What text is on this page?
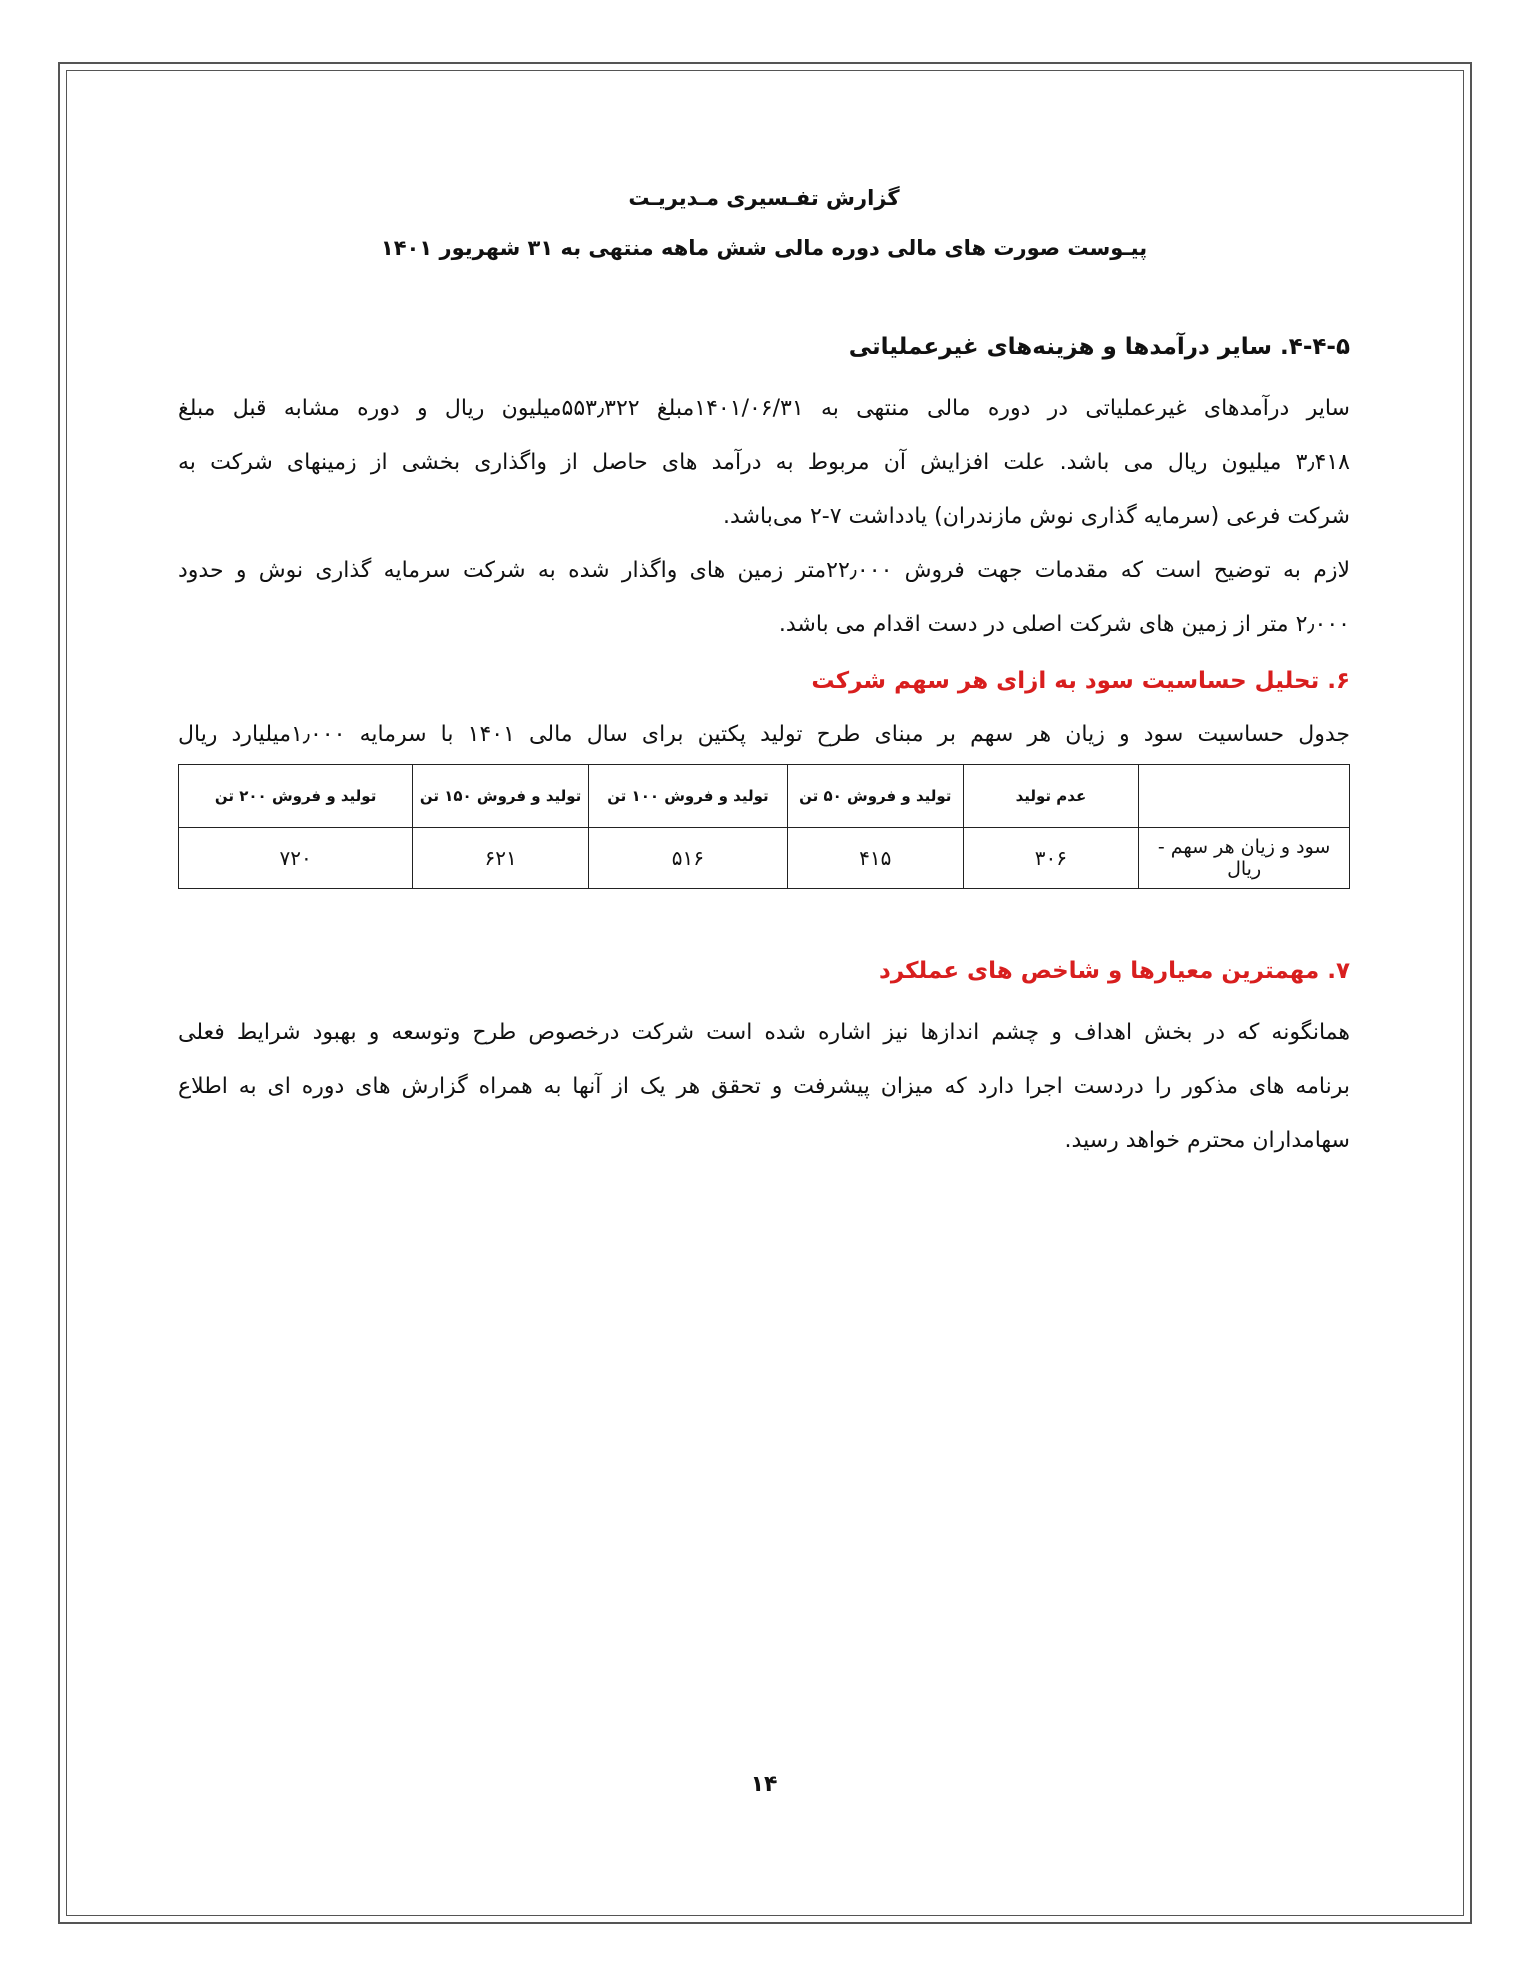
گزارش تفـسیری مـدیریـت
پیـوست صورت های مالی دوره مالی شش ماهه منتهی به ۳۱ شهریور ۱۴۰۱
۴-۴-۵. سایر درآمدها و هزینه‌های غیرعملیاتی
سایر درآمدهای غیرعملیاتی در دوره مالی منتهی به ۱۴۰۱/۰۶/۳۱مبلغ ۵۵۳٫۳۲۲میلیون ریال و دوره مشابه قبل مبلغ
۳٫۴۱۸ میلیون ریال می باشد. علت افزایش آن مربوط به درآمد های حاصل از واگذاری بخشی از زمینهای شرکت به
شرکت فرعی (سرمایه گذاری نوش مازندران) یادداشت ۷-۲ می‌باشد.
لازم به توضیح است که مقدمات جهت فروش ۲۲٫۰۰۰متر زمین های واگذار شده به شرکت سرمایه گذاری نوش و حدود
۲٫۰۰۰ متر از زمین های شرکت اصلی در دست اقدام می باشد.
۶. تحلیل حساسیت سود به ازای هر سهم شرکت
جدول حساسیت سود و زیان هر سهم بر مبنای طرح تولید پکتین برای سال مالی ۱۴۰۱ با سرمایه ۱٫۰۰۰میلیارد ریال
	عدم تولید	تولید و فروش ۵۰ تن	تولید و فروش ۱۰۰ تن	تولید و فروش ۱۵۰ تن	تولید و فروش ۲۰۰ تن
سود و زیان هر سهم - ریال	۳۰۶	۴۱۵	۵۱۶	۶۲۱	۷۲۰
۷. مهمترین معیارها و شاخص های عملکرد
همانگونه که در بخش اهداف و چشم اندازها نیز اشاره شده است شرکت درخصوص طرح وتوسعه و بهبود شرایط فعلی
برنامه های مذکور را دردست اجرا دارد که میزان پیشرفت و تحقق هر یک از آنها به همراه گزارش های دوره ای به اطلاع
سهامداران محترم خواهد رسید.
۱۴
